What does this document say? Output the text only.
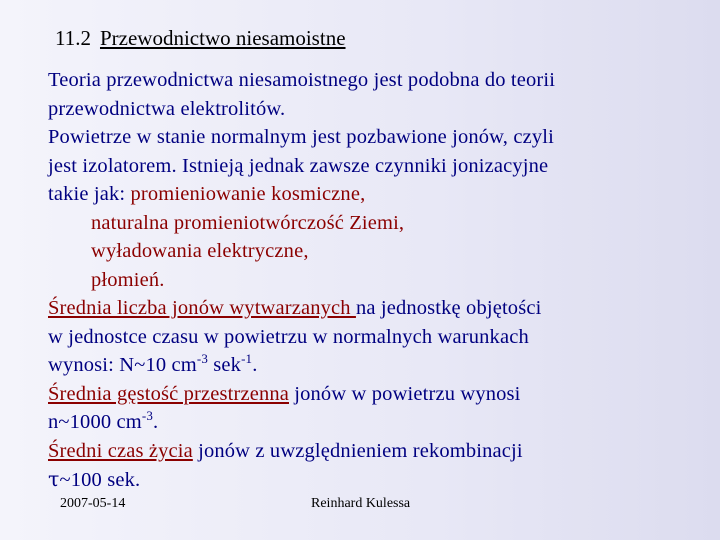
11.2 Przewodnictwo niesamoistne
Teoria przewodnictwa niesamoistnego jest podobna do teorii
przewodnictwa elektrolitów.
Powietrze w stanie normalnym jest pozbawione jonów, czyli
jest izolatorem. Istnieją jednak zawsze czynniki jonizacyjne
takie jak: promieniowanie kosmiczne,
naturalna promieniotwórczość Ziemi,
wyładowania elektryczne,
płomień.
Średnia liczba jonów wytwarzanych na jednostkę objętości
w jednostce czasu w powietrzu w normalnych warunkach
wynosi: N~10 $cm^{-3}$ sek$^{-1}$.
Średnia gęstość przestrzenna jonów w powietrzu wynosi
n~1000 $cm^{-3}$.
Średni czas życia jonów z uwzględnieniem rekombinacji
τ~100 sek.
2007-05-14	Reinhard Kulessa
